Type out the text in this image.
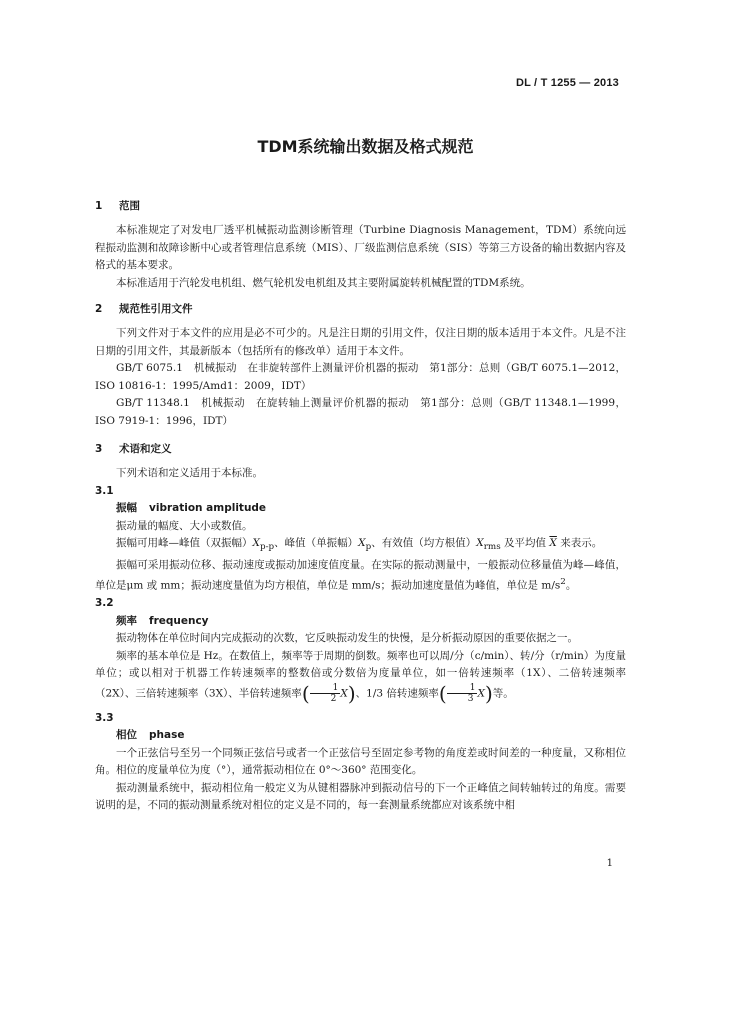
DL / T 1255 — 2013
TDM系统输出数据及格式规范

1 范围

本标准规定了对发电厂透平机械振动监测诊断管理（Turbine Diagnosis Management，TDM）系统向远程振动监测和故障诊断中心或者管理信息系统（MIS）、厂级监测信息系统（SIS）等第三方设备的输出数据内容及格式的基本要求。

本标准适用于汽轮发电机组、燃气轮机发电机组及其主要附属旋转机械配置的TDM系统。

2 规范性引用文件

下列文件对于本文件的应用是必不可少的。凡是注日期的引用文件，仅注日期的版本适用于本文件。凡是不注日期的引用文件，其最新版本（包括所有的修改单）适用于本文件。

GB/T 6075.1　机械振动　在非旋转部件上测量评价机器的振动　第1部分：总则（GB/T 6075.1—2012，ISO 10816-1：1995/Amd1：2009，IDT）

GB/T 11348.1　机械振动　在旋转轴上测量评价机器的振动　第1部分：总则（GB/T 11348.1—1999，ISO 7919-1：1996，IDT）

3 术语和定义

下列术语和定义适用于本标准。

3.1

振幅 vibration amplitude

振动量的幅度、大小或数值。

振幅可用峰—峰值（双振幅）$X_{p-p}$、峰值（单振幅）$X_p$、有效值（均方根值）$X_{rms}$ 及平均值 $\overline{X}$ 来表示。

振幅可采用振动位移、振动速度或振动加速度值度量。在实际的振动测量中，一般振动位移量值为峰—峰值，单位是μm 或 mm；振动速度量值为均方根值，单位是 mm/s；振动加速度量值为峰值，单位是 $m/s^2$。

3.2

频率 frequency

振动物体在单位时间内完成振动的次数，它反映振动发生的快慢，是分析振动原因的重要依据之一。

频率的基本单位是 Hz。在数值上，频率等于周期的倒数。频率也可以周/分（c/min）、转/分（r/min）为度量单位；或以相对于机器工作转速频率的整数倍或分数倍为度量单位，如一倍转速频率（1X）、二倍转速频率（2X）、三倍转速频率（3X）、半倍转速频率( $\frac{1}{2} X$)、1/3 倍转速频率( $\frac{1}{3} X$)等。

3.3

相位 phase

一个正弦信号至另一个同频正弦信号或者一个正弦信号至固定参考物的角度差或时间差的一种度量，又称相位角。相位的度量单位为度（°），通常振动相位在 0°～360° 范围变化。

振动测量系统中，振动相位角一般定义为从键相器脉冲到振动信号的下一个正峰值之间转轴转过的角度。需要说明的是，不同的振动测量系统对相位的定义是不同的，每一套测量系统都应对该系统中相

1
